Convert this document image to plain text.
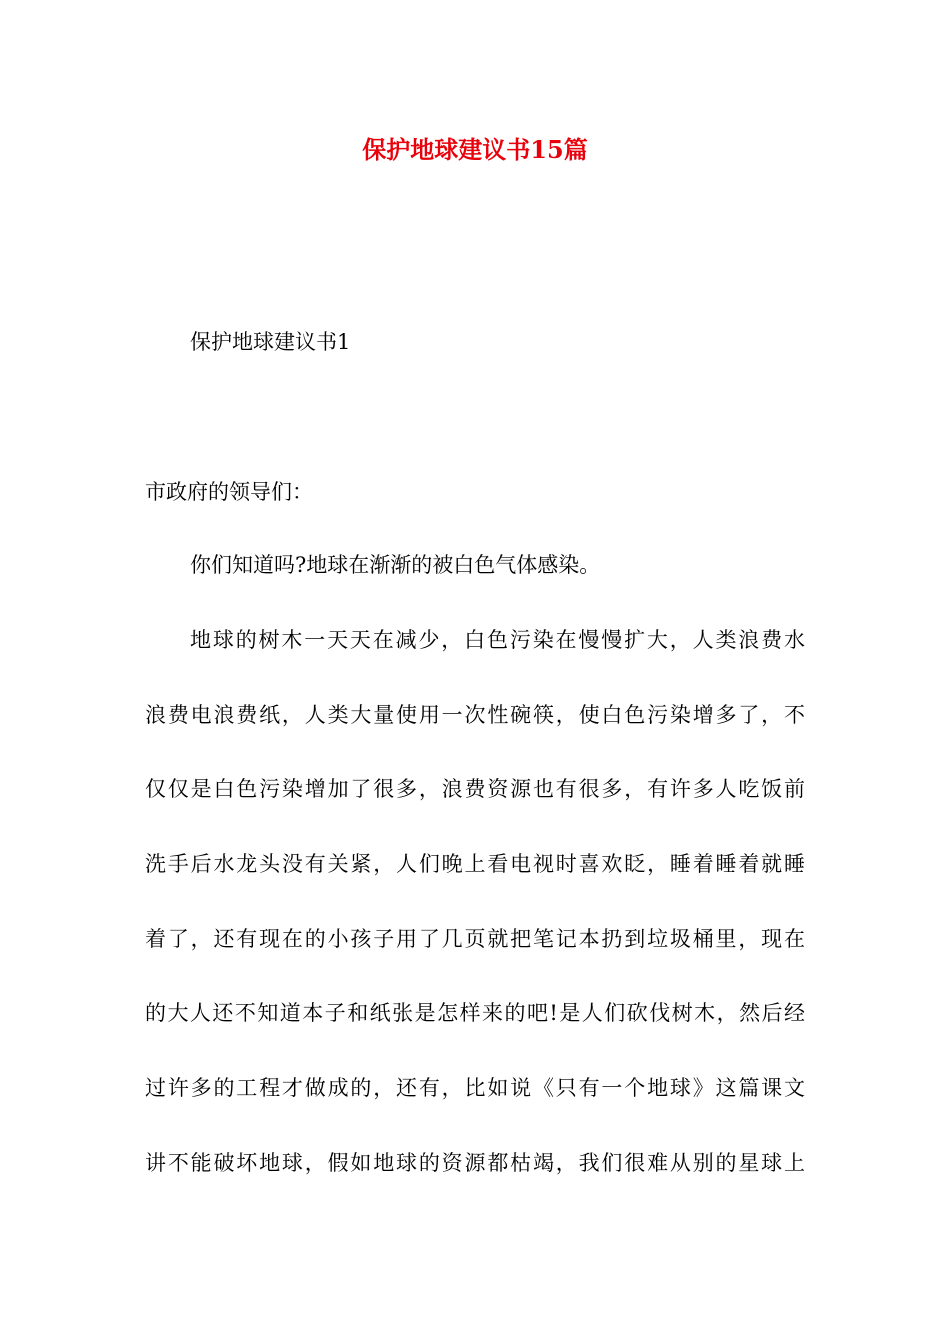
保护地球建议书15篇
保护地球建议书1
市政府的领导们：
你们知道吗?地球在渐渐的被白色气体感染。
地球的树木一天天在减少，白色污染在慢慢扩大，人类浪费水
浪费电浪费纸，人类大量使用一次性碗筷，使白色污染增多了，不
仅仅是白色污染增加了很多，浪费资源也有很多，有许多人吃饭前
洗手后水龙头没有关紧，人们晚上看电视时喜欢眨，睡着睡着就睡
着了，还有现在的小孩子用了几页就把笔记本扔到垃圾桶里，现在
的大人还不知道本子和纸张是怎样来的吧!是人们砍伐树木，然后经
过许多的工程才做成的，还有，比如说《只有一个地球》这篇课文
讲不能破坏地球，假如地球的资源都枯竭，我们很难从别的星球上
